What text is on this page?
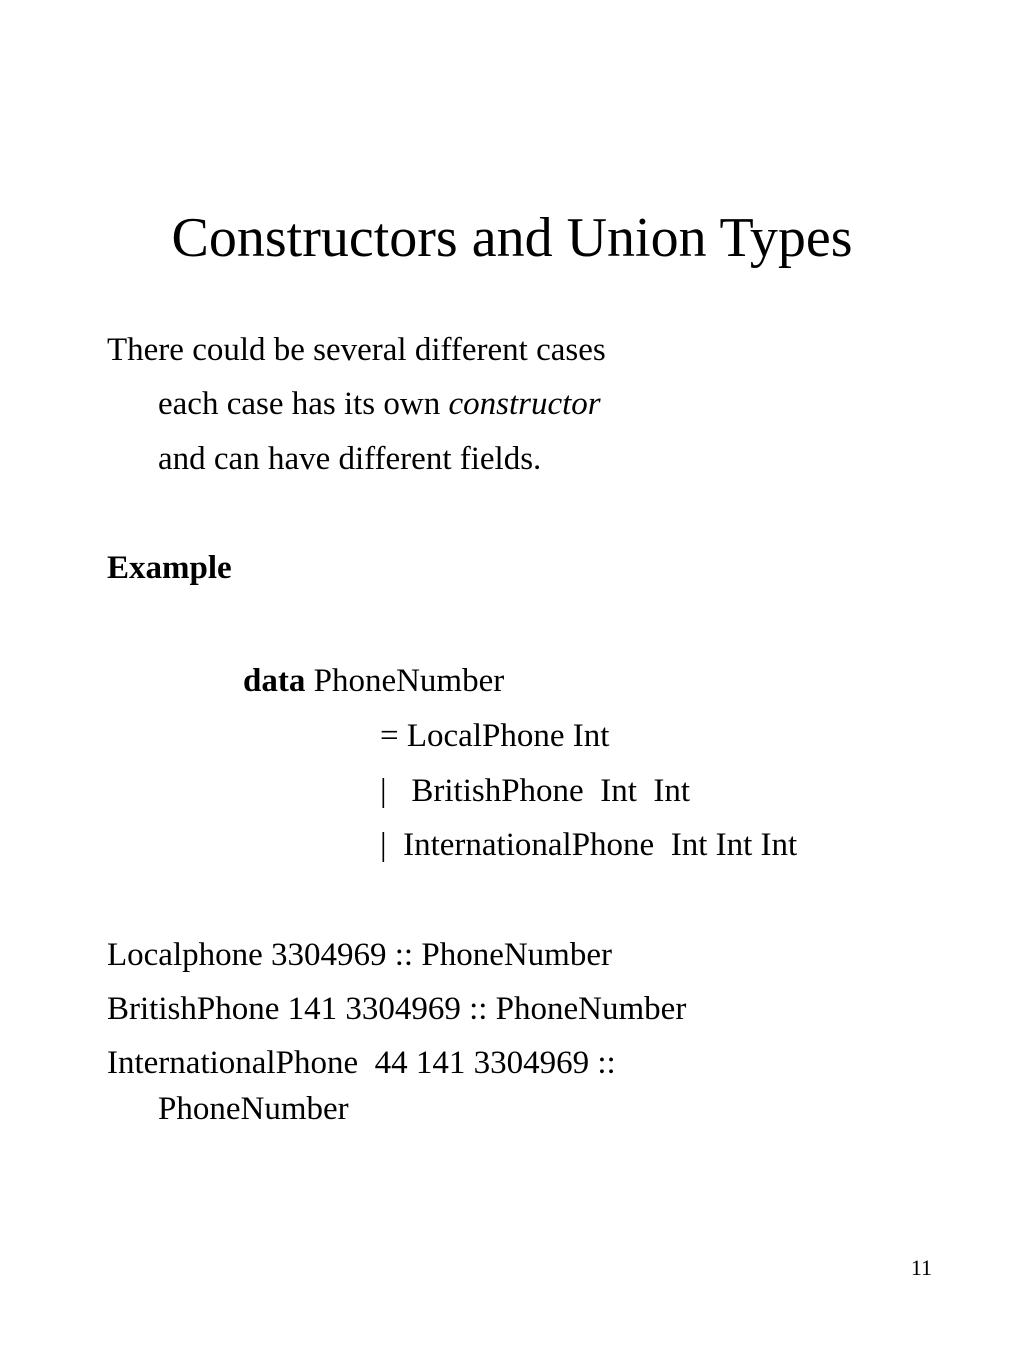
Constructors and Union Types
There could be several different cases
each case has its own constructor
and can have different fields.
Example
data PhoneNumber
= LocalPhone Int
|   BritishPhone  Int  Int
|  InternationalPhone  Int Int Int
Localphone 3304969 :: PhoneNumber
BritishPhone 141 3304969 :: PhoneNumber
InternationalPhone  44 141 3304969 ::
PhoneNumber
11
